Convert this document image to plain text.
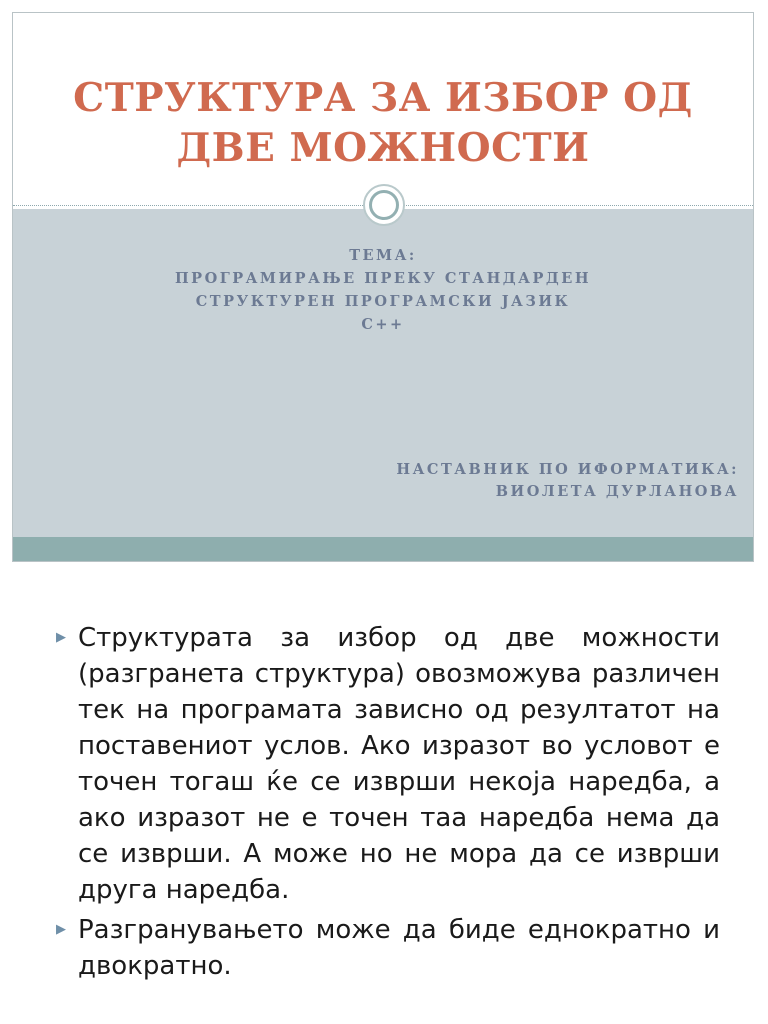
СТРУКТУРА ЗА ИЗБОР ОД
ДВЕ МОЖНОСТИ
ТЕМА:
ПРОГРАМИРАЊЕ ПРЕКУ СТАНДАРДЕН
СТРУКТУРЕН ПРОГРАМСКИ ЈАЗИК
C++
НАСТАВНИК ПО ИФОРМАТИКА:
ВИОЛЕТА ДУРЛАНОВА
▶ Структурата за избор од две можности (разгранета структура) овозможува различен тек на програмата зависно од резултатот на поставениот услов. Ако изразот во условот е точен тогаш ќе се изврши некоја наредба, а ако изразот не е точен таа наредба нема да се изврши. А може но не мора да се изврши друга наредба.
▶ Разгранувањето може да биде еднократно и двократно.
